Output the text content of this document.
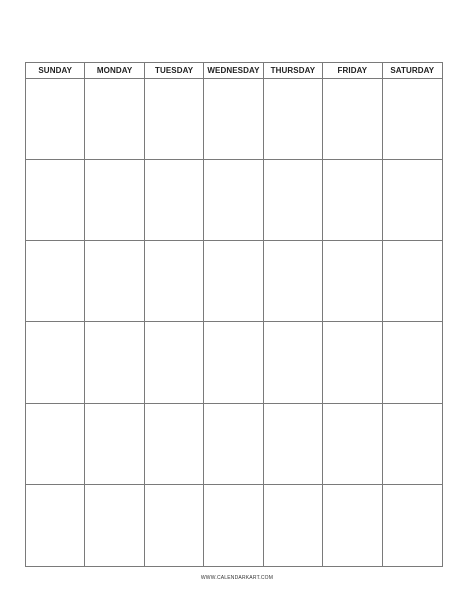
SUNDAY	MONDAY	TUESDAY	WEDNESDAY	THURSDAY	FRIDAY	SATURDAY
WWW.CALENDARKART.COM
